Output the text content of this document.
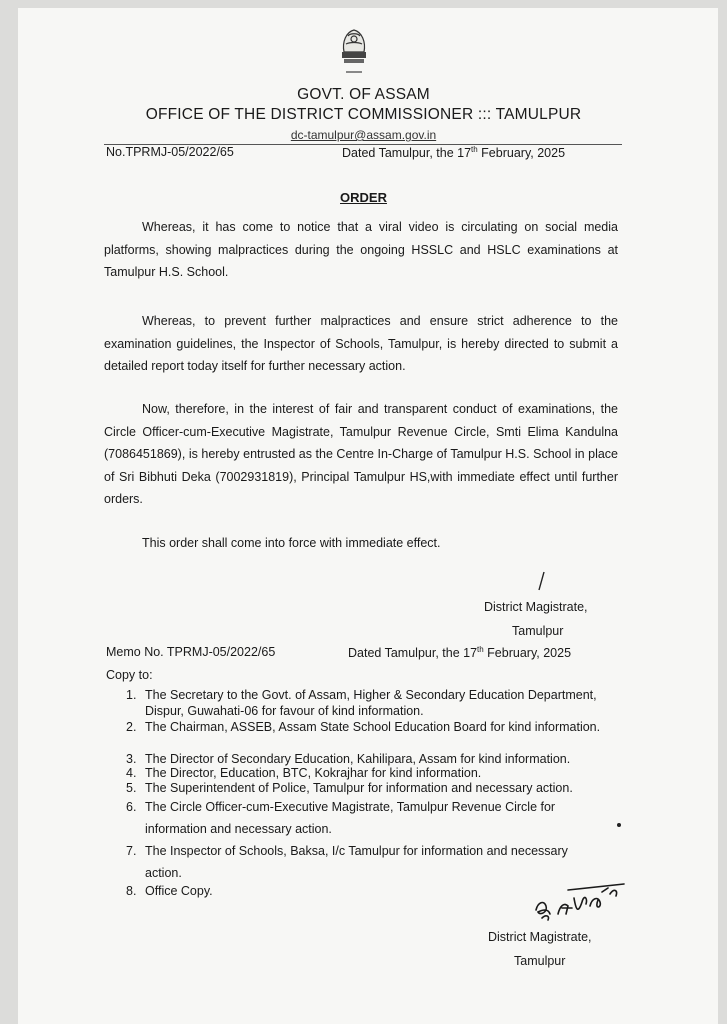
GOVT. OF ASSAM
OFFICE OF THE DISTRICT COMMISSIONER ::: TAMULPUR
dc-tamulpur@assam.gov.in
No.TPRMJ-05/2022/65	Dated Tamulpur, the 17th February, 2025
ORDER
Whereas, it has come to notice that a viral video is circulating on social media platforms, showing malpractices during the ongoing HSSLC and HSLC examinations at Tamulpur H.S. School.
Whereas, to prevent further malpractices and ensure strict adherence to the examination guidelines, the Inspector of Schools, Tamulpur, is hereby directed to submit a detailed report today itself for further necessary action.
Now, therefore, in the interest of fair and transparent conduct of examinations, the Circle Officer-cum-Executive Magistrate, Tamulpur Revenue Circle, Smti Elima Kandulna (7086451869), is hereby entrusted as the Centre In-Charge of Tamulpur H.S. School in place of Sri Bibhuti Deka (7002931819), Principal Tamulpur HS,with immediate effect until further orders.
This order shall come into force with immediate effect.
District Magistrate,
Tamulpur
Memo No. TPRMJ-05/2022/65	Dated Tamulpur, the 17th February, 2025
Copy to:
1. The Secretary to the Govt. of Assam, Higher & Secondary Education Department, Dispur, Guwahati-06 for favour of kind information.
2. The Chairman, ASSEB, Assam State School Education Board for kind information.
3. The Director of Secondary Education, Kahilipara, Assam for kind information.
4. The Director, Education, BTC, Kokrajhar for kind information.
5. The Superintendent of Police, Tamulpur for information and necessary action.
6. The Circle Officer-cum-Executive Magistrate, Tamulpur Revenue Circle for information and necessary action.
7. The Inspector of Schools, Baksa, I/c Tamulpur for information and necessary action.
8. Office Copy.
District Magistrate,
Tamulpur
